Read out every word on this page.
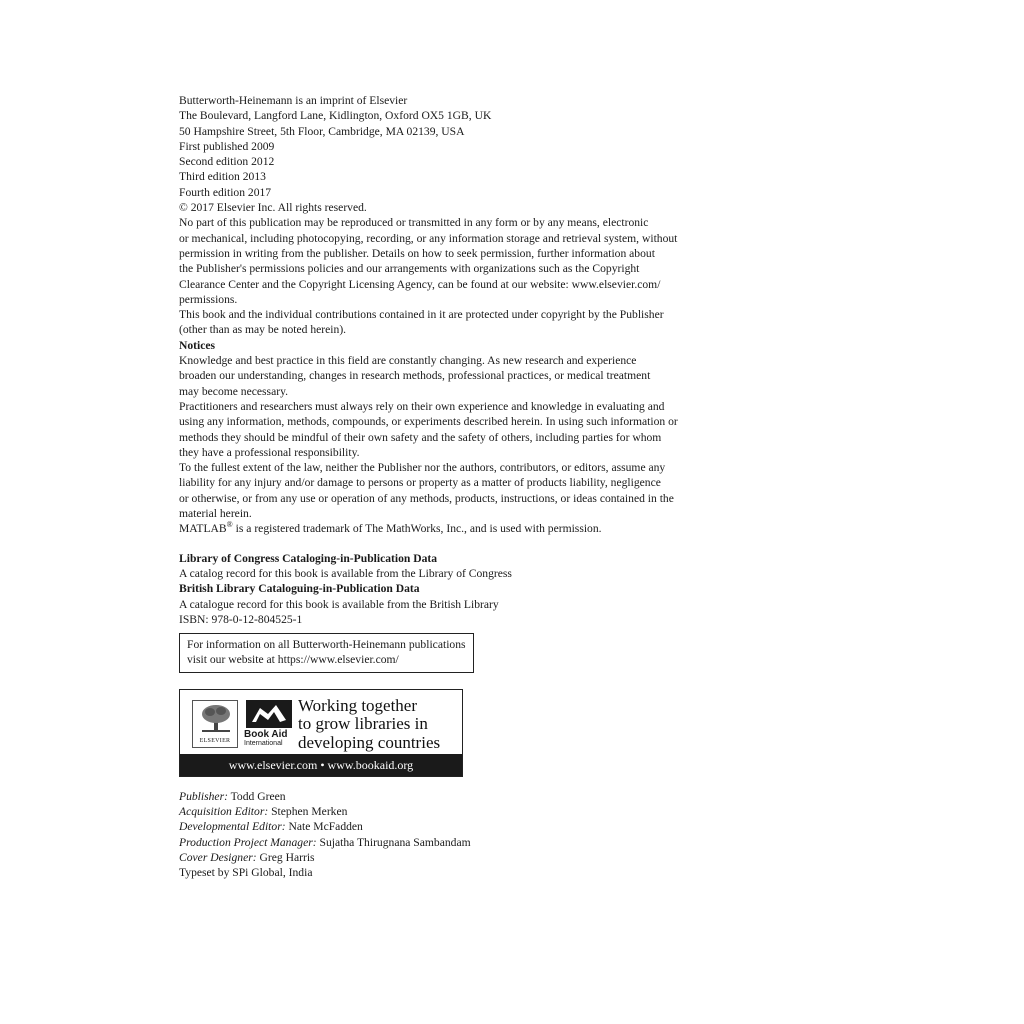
Butterworth-Heinemann is an imprint of Elsevier
The Boulevard, Langford Lane, Kidlington, Oxford OX5 1GB, UK
50 Hampshire Street, 5th Floor, Cambridge, MA 02139, USA

First published 2009
Second edition 2012
Third edition 2013
Fourth edition 2017

© 2017 Elsevier Inc. All rights reserved.

No part of this publication may be reproduced or transmitted in any form or by any means, electronic
or mechanical, including photocopying, recording, or any information storage and retrieval system, without
permission in writing from the publisher. Details on how to seek permission, further information about
the Publisher's permissions policies and our arrangements with organizations such as the Copyright
Clearance Center and the Copyright Licensing Agency, can be found at our website: www.elsevier.com/
permissions.

This book and the individual contributions contained in it are protected under copyright by the Publisher
(other than as may be noted herein).

Notices
Knowledge and best practice in this field are constantly changing. As new research and experience
broaden our understanding, changes in research methods, professional practices, or medical treatment
may become necessary.

Practitioners and researchers must always rely on their own experience and knowledge in evaluating and
using any information, methods, compounds, or experiments described herein. In using such information or
methods they should be mindful of their own safety and the safety of others, including parties for whom
they have a professional responsibility.

To the fullest extent of the law, neither the Publisher nor the authors, contributors, or editors, assume any
liability for any injury and/or damage to persons or property as a matter of products liability, negligence
or otherwise, or from any use or operation of any methods, products, instructions, or ideas contained in the
material herein.

MATLAB® is a registered trademark of The MathWorks, Inc., and is used with permission.

Library of Congress Cataloging-in-Publication Data
A catalog record for this book is available from the Library of Congress

British Library Cataloguing-in-Publication Data
A catalogue record for this book is available from the British Library

ISBN: 978-0-12-804525-1

For information on all Butterworth-Heinemann publications
visit our website at https://www.elsevier.com/
ELSEVIER
Book Aid
International
Working together
to grow libraries in
developing countries
www.elsevier.com • www.bookaid.org

Publisher: Todd Green
Acquisition Editor: Stephen Merken
Developmental Editor: Nate McFadden
Production Project Manager: Sujatha Thirugnana Sambandam
Cover Designer: Greg Harris

Typeset by SPi Global, India
